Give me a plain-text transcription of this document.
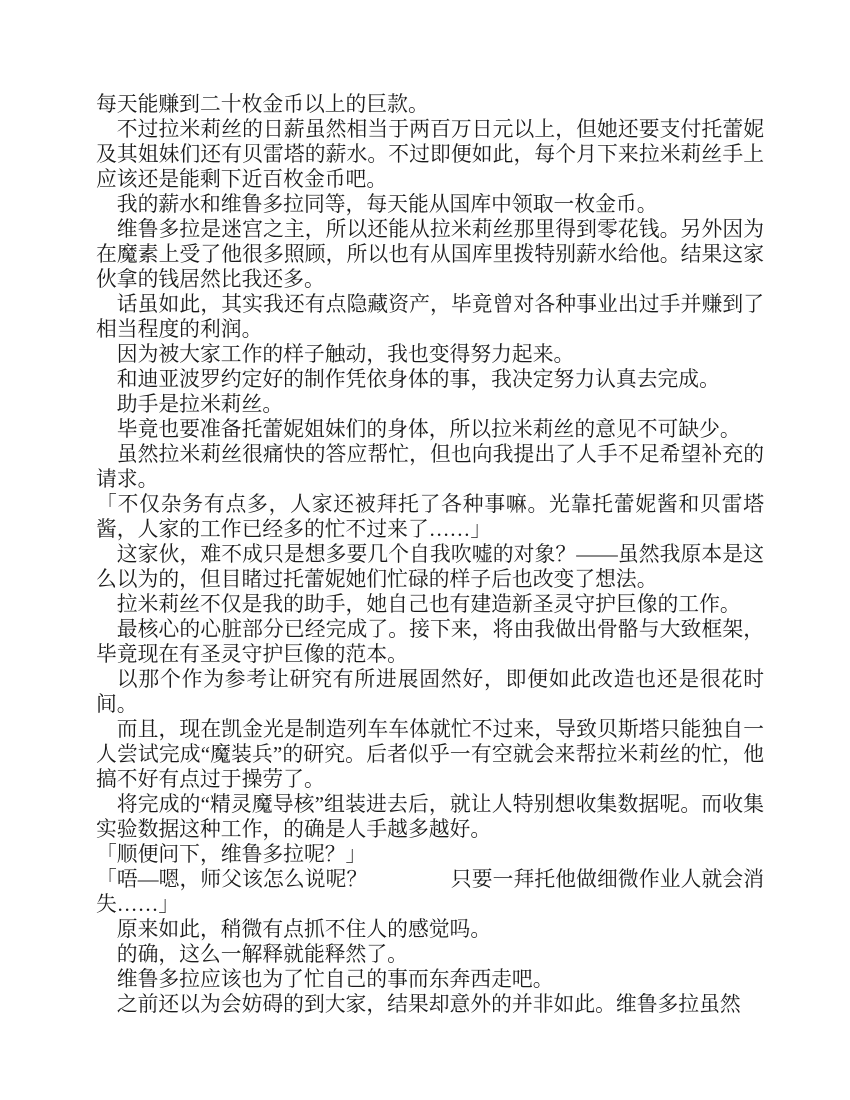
每天能赚到二十枚金币以上的巨款。

不过拉米莉丝的日薪虽然相当于两百万日元以上，但她还要支付托蕾妮及其姐妹们还有贝雷塔的薪水。不过即便如此，每个月下来拉米莉丝手上应该还是能剩下近百枚金币吧。

我的薪水和维鲁多拉同等，每天能从国库中领取一枚金币。

维鲁多拉是迷宫之主，所以还能从拉米莉丝那里得到零花钱。另外因为在魔素上受了他很多照顾，所以也有从国库里拨特别薪水给他。结果这家伙拿的钱居然比我还多。

话虽如此，其实我还有点隐藏资产，毕竟曾对各种事业出过手并赚到了相当程度的利润。

因为被大家工作的样子触动，我也变得努力起来。

和迪亚波罗约定好的制作凭依身体的事，我决定努力认真去完成。

助手是拉米莉丝。

毕竟也要准备托蕾妮姐妹们的身体，所以拉米莉丝的意见不可缺少。

虽然拉米莉丝很痛快的答应帮忙，但也向我提出了人手不足希望补充的请求。

「不仅杂务有点多，人家还被拜托了各种事嘛。光靠托蕾妮酱和贝雷塔酱，人家的工作已经多的忙不过来了……」

这家伙，难不成只是想多要几个自我吹嘘的对象？——虽然我原本是这么以为的，但目睹过托蕾妮她们忙碌的样子后也改变了想法。

拉米莉丝不仅是我的助手，她自己也有建造新圣灵守护巨像的工作。

最核心的心脏部分已经完成了。接下来，将由我做出骨骼与大致框架，毕竟现在有圣灵守护巨像的范本。

以那个作为参考让研究有所进展固然好，即便如此改造也还是很花时间。

而且，现在凯金光是制造列车车体就忙不过来，导致贝斯塔只能独自一人尝试完成“魔装兵”的研究。后者似乎一有空就会来帮拉米莉丝的忙，他搞不好有点过于操劳了。

将完成的“精灵魔导核”组装进去后，就让人特别想收集数据呢。而收集实验数据这种工作，的确是人手越多越好。

「顺便问下，维鲁多拉呢？」

「唔—嗯，师父该怎么说呢？　　　　只要一拜托他做细微作业人就会消失……」

原来如此，稍微有点抓不住人的感觉吗。

的确，这么一解释就能释然了。

维鲁多拉应该也为了忙自己的事而东奔西走吧。

之前还以为会妨碍的到大家，结果却意外的并非如此。维鲁多拉虽然
